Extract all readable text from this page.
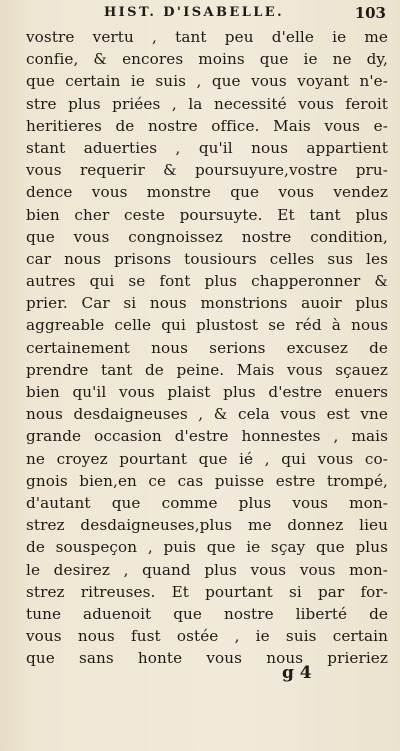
HIST. D'ISABELLE.	103
vostre vertu , tant peu d'elle ie me
confie, & encores moins que ie ne dy,
que certain ie suis , que vous voyant n'e-
stre plus priées , la necessité vous feroit
heritieres de nostre office. Mais vous e-
stant aduerties , qu'il nous appartient
vous requerir & poursuyure,vostre pru-
dence vous monstre que vous vendez
bien cher ceste poursuyte. Et tant plus
que vous congnoissez nostre condition,
car nous prisons tousiours celles sus les
autres qui se font plus chapperonner &
prier. Car si nous monstrions auoir plus
aggreable celle qui plustost se réd à nous
certainement nous serions excusez de
prendre tant de peine. Mais vous sçauez
bien qu'il vous plaist plus d'estre enuers
nous desdaigneuses , & cela vous est vne
grande occasion d'estre honnestes , mais
ne croyez pourtant que ié , qui vous co-
gnois bien,en ce cas puisse estre trompé,
d'autant que comme plus vous mon-
strez desdaigneuses,plus me donnez lieu
de souspeçon , puis que ie sçay que plus
le desirez , quand plus vous vous mon-
strez ritreuses. Et pourtant si par for-
tune aduenoit que nostre liberté de
vous nous fust ostée , ie suis certain
que sans honte vous nous prieriez
g 4
